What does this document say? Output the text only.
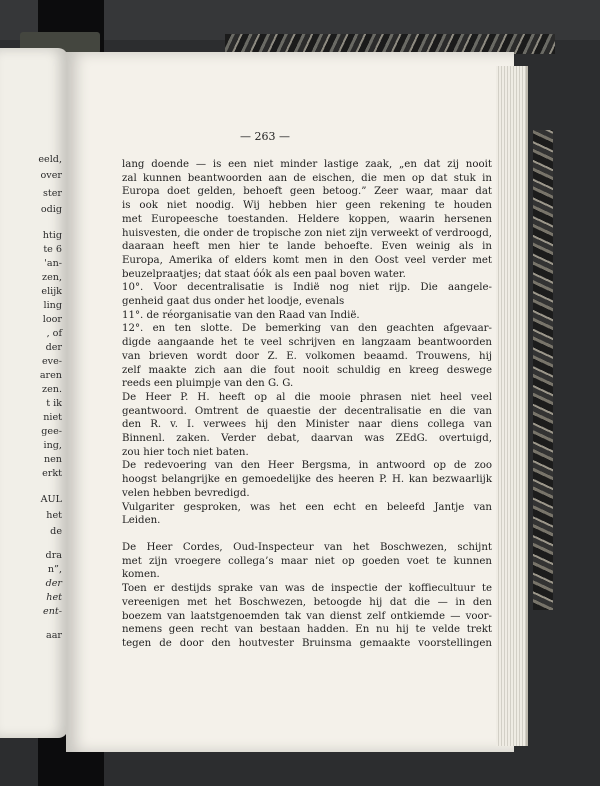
eeld,
over
ster
odig
htig
te 6
'an-
zen,
elijk
ling
loor
, of
der
eve-
aren
zen.
t ik
niet
gee-
ing,
nen
erkt
AUL
het
de
dra
n”,
der
het
ent-
aar
— 263 —
lang doende — is een niet minder lastige zaak, „en dat zij nooit
zal kunnen beantwoorden aan de eischen, die men op dat stuk in
Europa doet gelden, behoeft geen betoog.” Zeer waar, maar dat
is ook niet noodig. Wij hebben hier geen rekening te houden
met Europeesche toestanden. Heldere koppen, waarin hersenen
huisvesten, die onder de tropische zon niet zijn verweekt of verdroogd,
daaraan heeft men hier te lande behoefte. Even weinig als in
Europa, Amerika of elders komt men in den Oost veel verder met
beuzelpraatjes; dat staat óók als een paal boven water.
10°. Voor decentralisatie is Indië nog niet rijp. Die aangele-
genheid gaat dus onder het loodje, evenals
11°. de réorganisatie van den Raad van Indië.
12°. en ten slotte. De bemerking van den geachten afgevaar-
digde aangaande het te veel schrijven en langzaam beantwoorden
van brieven wordt door Z. E. volkomen beaamd. Trouwens, hij
zelf maakte zich aan die fout nooit schuldig en kreeg deswege
reeds een pluimpje van den G. G.
De Heer P. H. heeft op al die mooie phrasen niet heel veel
geantwoord. Omtrent de quaestie der decentralisatie en die van
den R. v. I. verwees hij den Minister naar diens collega van
Binnenl. zaken. Verder debat, daarvan was ZEdG. overtuigd,
zou hier toch niet baten.
De redevoering van den Heer Bergsma, in antwoord op de zoo
hoogst belangrijke en gemoedelijke des heeren P. H. kan bezwaarlijk
velen hebben bevredigd.
Vulgariter gesproken, was het een echt en beleefd Jantje van
Leiden.
De Heer Cordes, Oud-Inspecteur van het Boschwezen, schijnt
met zijn vroegere collega’s maar niet op goeden voet te kunnen
komen.
Toen er destijds sprake van was de inspectie der koffiecultuur te
vereenigen met het Boschwezen, betoogde hij dat die — in den
boezem van laatstgenoemden tak van dienst zelf ontkiemde — voor-
nemens geen recht van bestaan hadden. En nu hij te velde trekt
tegen de door den houtvester Bruinsma gemaakte voorstellingen
